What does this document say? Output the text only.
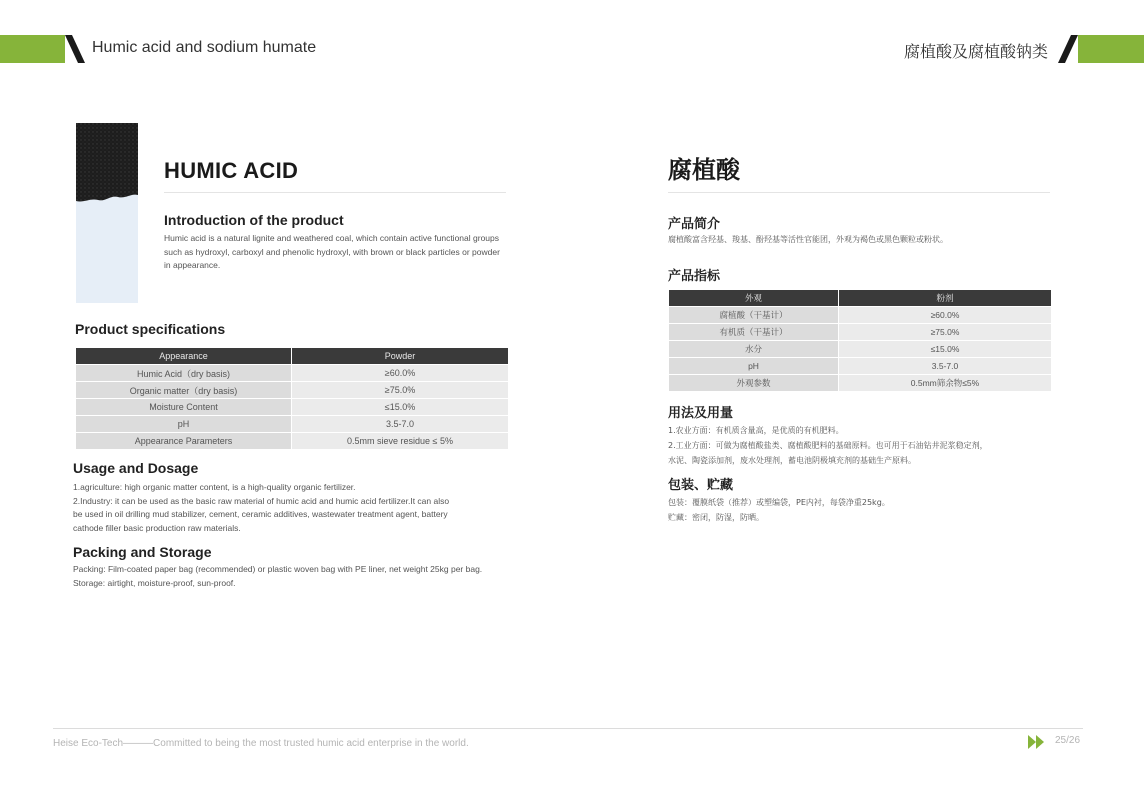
Humic acid and sodium humate	腐植酸及腐植酸钠类
HUMIC ACID
Introduction of the product
Humic acid is a natural lignite and weathered coal, which contain active functional groups
such as hydroxyl, carboxyl and phenolic hydroxyl, with brown or black particles or powder
in appearance.
Product specifications
Appearance	Powder
Humic Acid（dry basis)	≥60.0%
Organic matter（dry basis)	≥75.0%
Moisture Content	≤15.0%
pH	3.5-7.0
Appearance Parameters	0.5mm sieve residue ≤ 5%
Usage and Dosage
1.agriculture: high organic matter content, is a high-quality organic fertilizer.
2.Industry: it can be used as the basic raw material of humic acid and humic acid fertilizer.It can also
be used in oil drilling mud stabilizer, cement, ceramic additives, wastewater treatment agent, battery
cathode filler basic production raw materials.
Packing and Storage
Packing: Film-coated paper bag (recommended) or plastic woven bag with PE liner, net weight 25kg per bag.
Storage: airtight, moisture-proof, sun-proof.
腐植酸
产品简介
腐植酸富含羟基、羧基、酚羟基等活性官能团，外观为褐色或黑色颗粒或粉状。
产品指标
外观	粉剂
腐植酸（干基计）	≥60.0%
有机质（干基计）	≥75.0%
水分	≤15.0%
pH	3.5-7.0
外观参数	0.5mm筛余物≤5%
用法及用量
1.农业方面：有机质含量高，是优质的有机肥料。
2.工业方面：可做为腐植酸盐类、腐植酸肥料的基础原料。也可用于石油钻井泥浆稳定剂，
水泥、陶瓷添加剂，废水处理剂，蓄电池阴极填充剂的基础生产原料。
包装、贮藏
包装：覆膜纸袋（推荐）或塑编袋，PE内衬，每袋净重25kg。
贮藏：密闭，防湿，防晒。
Heise Eco-Tech———Committed to being the most trusted humic acid enterprise in the world.	25/26
